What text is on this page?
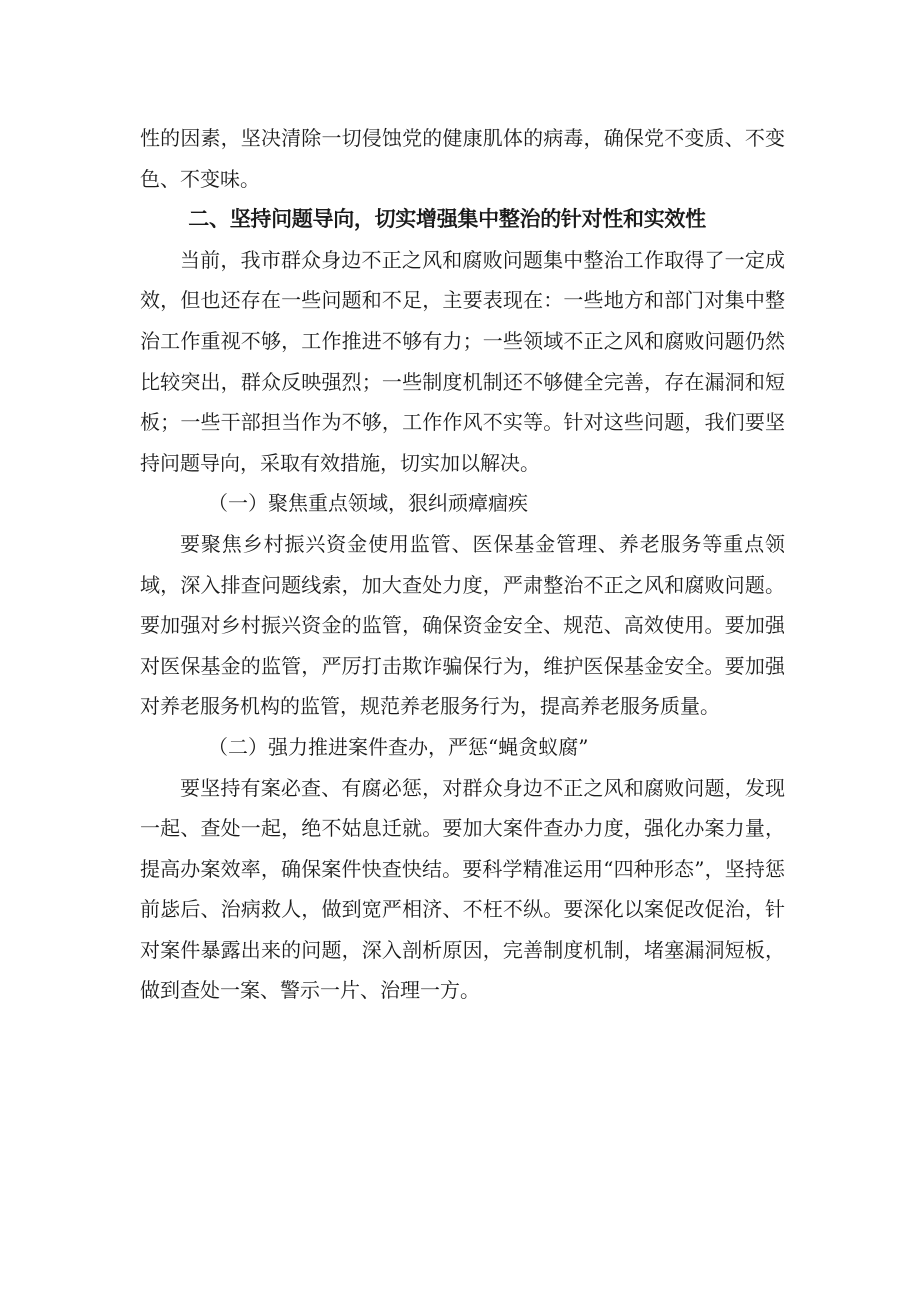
性的因素，坚决清除一切侵蚀党的健康肌体的病毒，确保党不变质、不变色、不变味。

二、坚持问题导向，切实增强集中整治的针对性和实效性

当前，我市群众身边不正之风和腐败问题集中整治工作取得了一定成效，但也还存在一些问题和不足，主要表现在：一些地方和部门对集中整治工作重视不够，工作推进不够有力；一些领域不正之风和腐败问题仍然比较突出，群众反映强烈；一些制度机制还不够健全完善，存在漏洞和短板；一些干部担当作为不够，工作作风不实等。针对这些问题，我们要坚持问题导向，采取有效措施，切实加以解决。

（一）聚焦重点领域，狠纠顽瘴痼疾

要聚焦乡村振兴资金使用监管、医保基金管理、养老服务等重点领域，深入排查问题线索，加大查处力度，严肃整治不正之风和腐败问题。要加强对乡村振兴资金的监管，确保资金安全、规范、高效使用。要加强对医保基金的监管，严厉打击欺诈骗保行为，维护医保基金安全。要加强对养老服务机构的监管，规范养老服务行为，提高养老服务质量。

（二）强力推进案件查办，严惩“蝇贪蚁腐”

要坚持有案必查、有腐必惩，对群众身边不正之风和腐败问题，发现一起、查处一起，绝不姑息迁就。要加大案件查办力度，强化办案力量，提高办案效率，确保案件快查快结。要科学精准运用“四种形态”，坚持惩前毖后、治病救人，做到宽严相济、不枉不纵。要深化以案促改促治，针对案件暴露出来的问题，深入剖析原因，完善制度机制，堵塞漏洞短板，做到查处一案、警示一片、治理一方。
